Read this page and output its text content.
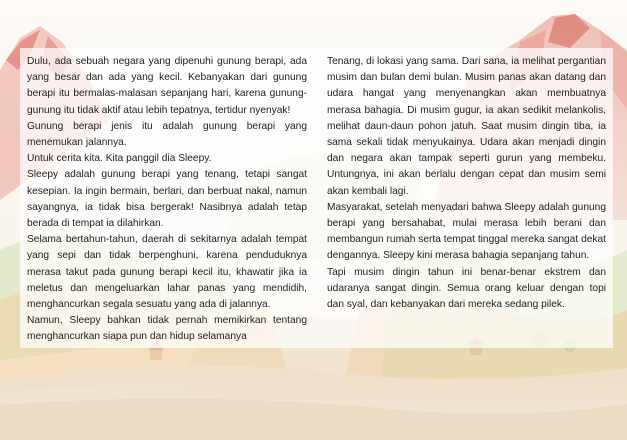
Dulu, ada sebuah negara yang dipenuhi gunung berapi, ada yang besar dan ada yang kecil. Kebanyakan dari gunung berapi itu bermalas-malasan sepanjang hari, karena gunung-gunung itu tidak aktif atau lebih tepatnya, tertidur nyenyak!

Gunung berapi jenis itu adalah gunung berapi yang menemukan jalannya.

Untuk cerita kita. Kita panggil dia Sleepy.

Sleepy adalah gunung berapi yang tenang, tetapi sangat kesepian. Ia ingin bermain, berlari, dan berbuat nakal, namun sayangnya, ia tidak bisa bergerak! Nasibnya adalah tetap berada di tempat ia dilahirkan.

Selama bertahun-tahun, daerah di sekitarnya adalah tempat yang sepi dan tidak berpenghuni, karena penduduknya merasa takut pada gunung berapi kecil itu, khawatir jika ia meletus dan mengeluarkan lahar panas yang mendidih, menghancurkan segala sesuatu yang ada di jalannya.

Namun, Sleepy bahkan tidak pernah memikirkan tentang menghancurkan siapa pun dan hidup selamanya

Tenang, di lokasi yang sama. Dari sana, ia melihat pergantian musim dan bulan demi bulan. Musim panas akan datang dan udara hangat yang menyenangkan akan membuatnya merasa bahagia. Di musim gugur, ia akan sedikit melankolis, melihat daun-daun pohon jatuh. Saat musim dingin tiba, ia sama sekali tidak menyukainya. Udara akan menjadi dingin dan negara akan tampak seperti gurun yang membeku. Untungnya, ini akan berlalu dengan cepat dan musim semi akan kembali lagi.

Masyarakat, setelah menyadari bahwa Sleepy adalah gunung berapi yang bersahabat, mulai merasa lebih berani dan membangun rumah serta tempat tinggal mereka sangat dekat dengannya. Sleepy kini merasa bahagia sepanjang tahun.

Tapi musim dingin tahun ini benar-benar ekstrem dan udaranya sangat dingin. Semua orang keluar dengan topi dan syal, dan kebanyakan dari mereka sedang pilek.
